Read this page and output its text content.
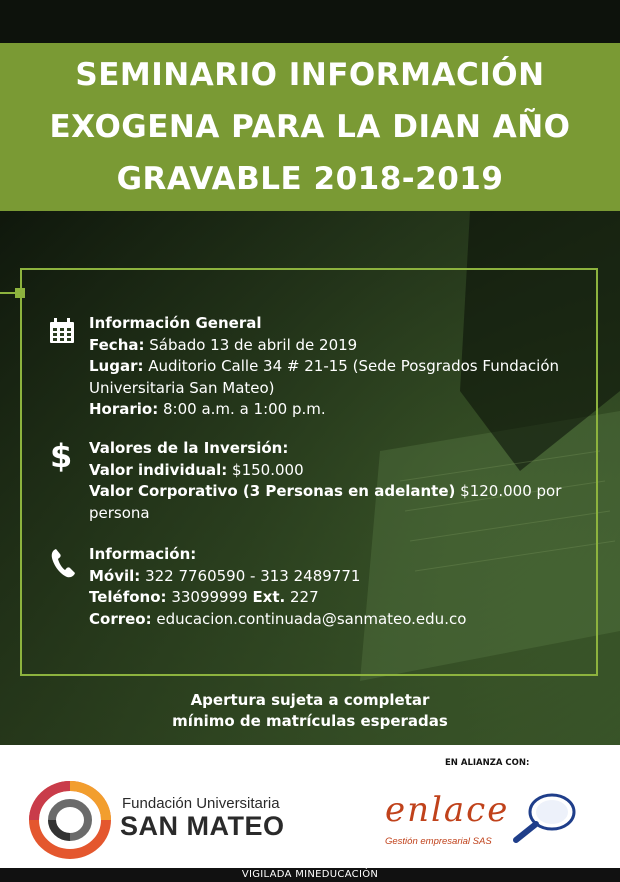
SEMINARIO INFORMACIÓN
EXOGENA PARA LA DIAN AÑO
GRAVABLE 2018-2019
Información General
Fecha: Sábado 13 de abril de 2019
Lugar: Auditorio Calle 34 # 21-15 (Sede Posgrados Fundación Universitaria San Mateo)
Horario: 8:00 a.m. a 1:00 p.m.
$ Valores de la Inversión:
Valor individual: $150.000
Valor Corporativo (3 Personas en adelante) $120.000 por persona
Información:
Móvil: 322 7760590 - 313 2489771
Teléfono: 33099999 Ext. 227
Correo: educacion.continuada@sanmateo.edu.co
Apertura sujeta a completar
mínimo de matrículas esperadas
Fundación Universitaria
SAN MATEO
EN ALIANZA CON:
enlace
Gestión empresarial SAS
VIGILADA MINEDUCACIÓN
